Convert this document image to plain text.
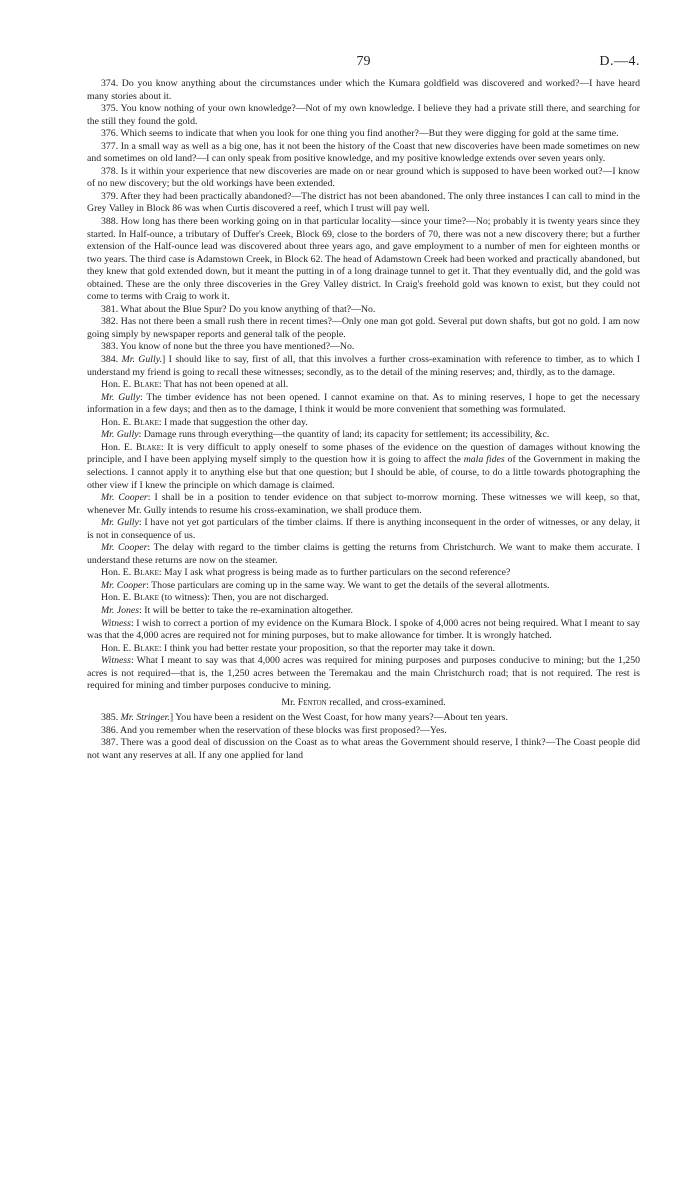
79	D.—4.

374. Do you know anything about the circumstances under which the Kumara goldfield was discovered and worked?—I have heard many stories about it.

375. You know nothing of your own knowledge?—Not of my own knowledge. I believe they had a private still there, and searching for the still they found the gold.

376. Which seems to indicate that when you look for one thing you find another?—But they were digging for gold at the same time.

377. In a small way as well as a big one, has it not been the history of the Coast that new discoveries have been made sometimes on new and sometimes on old land?—I can only speak from positive knowledge, and my positive knowledge extends over seven years only.

378. Is it within your experience that new discoveries are made on or near ground which is supposed to have been worked out?—I know of no new discovery; but the old workings have been extended.

379. After they had been practically abandoned?—The district has not been abandoned. The only three instances I can call to mind in the Grey Valley in Block 86 was when Curtis discovered a reef, which I trust will pay well.

388. How long has there been working going on in that particular locality—since your time?—No; probably it is twenty years since they started. In Half-ounce, a tributary of Duffer's Creek, Block 69, close to the borders of 70, there was not a new discovery there; but a further extension of the Half-ounce lead was discovered about three years ago, and gave employment to a number of men for eighteen months or two years. The third case is Adamstown Creek, in Block 62. The head of Adamstown Creek had been worked and practically abandoned, but they knew that gold extended down, but it meant the putting in of a long drainage tunnel to get it. That they eventually did, and the gold was obtained. These are the only three discoveries in the Grey Valley district. In Craig's freehold gold was known to exist, but they could not come to terms with Craig to work it.

381. What about the Blue Spur? Do you know anything of that?—No.

382. Has not there been a small rush there in recent times?—Only one man got gold. Several put down shafts, but got no gold. I am now going simply by newspaper reports and general talk of the people.

383. You know of none but the three you have mentioned?—No.

384. Mr. Gully.] I should like to say, first of all, that this involves a further cross-examination with reference to timber, as to which I understand my friend is going to recall these witnesses; secondly, as to the detail of the mining reserves; and, thirdly, as to the damage.

Hon. E. Blake: That has not been opened at all.

Mr. Gully: The timber evidence has not been opened. I cannot examine on that. As to mining reserves, I hope to get the necessary information in a few days; and then as to the damage, I think it would be more convenient that something was formulated.

Hon. E. Blake: I made that suggestion the other day.

Mr. Gully: Damage runs through everything—the quantity of land; its capacity for settlement; its accessibility, &c.

Hon. E. Blake: It is very difficult to apply oneself to some phases of the evidence on the question of damages without knowing the principle, and I have been applying myself simply to the question how it is going to affect the mala fides of the Government in making the selections. I cannot apply it to anything else but that one question; but I should be able, of course, to do a little towards photographing the other view if I knew the principle on which damage is claimed.

Mr. Cooper: I shall be in a position to tender evidence on that subject to-morrow morning. These witnesses we will keep, so that, whenever Mr. Gully intends to resume his cross-examination, we shall produce them.

Mr. Gully: I have not yet got particulars of the timber claims. If there is anything inconsequent in the order of witnesses, or any delay, it is not in consequence of us.

Mr. Cooper: The delay with regard to the timber claims is getting the returns from Christchurch. We want to make them accurate. I understand these returns are now on the steamer.

Hon. E. Blake: May I ask what progress is being made as to further particulars on the second reference?

Mr. Cooper: Those particulars are coming up in the same way. We want to get the details of the several allotments.

Hon. E. Blake (to witness): Then, you are not discharged.

Mr. Jones: It will be better to take the re-examination altogether.

Witness: I wish to correct a portion of my evidence on the Kumara Block. I spoke of 4,000 acres not being required. What I meant to say was that the 4,000 acres are required not for mining purposes, but to make allowance for timber. It is wrongly hatched.

Hon. E. Blake: I think you had better restate your proposition, so that the reporter may take it down.

Witness: What I meant to say was that 4,000 acres was required for mining purposes and purposes conducive to mining; but the 1,250 acres is not required—that is, the 1,250 acres between the Teremakau and the main Christchurch road; that is not required. The rest is required for mining and timber purposes conducive to mining.

Mr. Fenton recalled, and cross-examined.

385. Mr. Stringer.] You have been a resident on the West Coast, for how many years?—About ten years.

386. And you remember when the reservation of these blocks was first proposed?—Yes.

387. There was a good deal of discussion on the Coast as to what areas the Government should reserve, I think?—The Coast people did not want any reserves at all. If any one applied for land
